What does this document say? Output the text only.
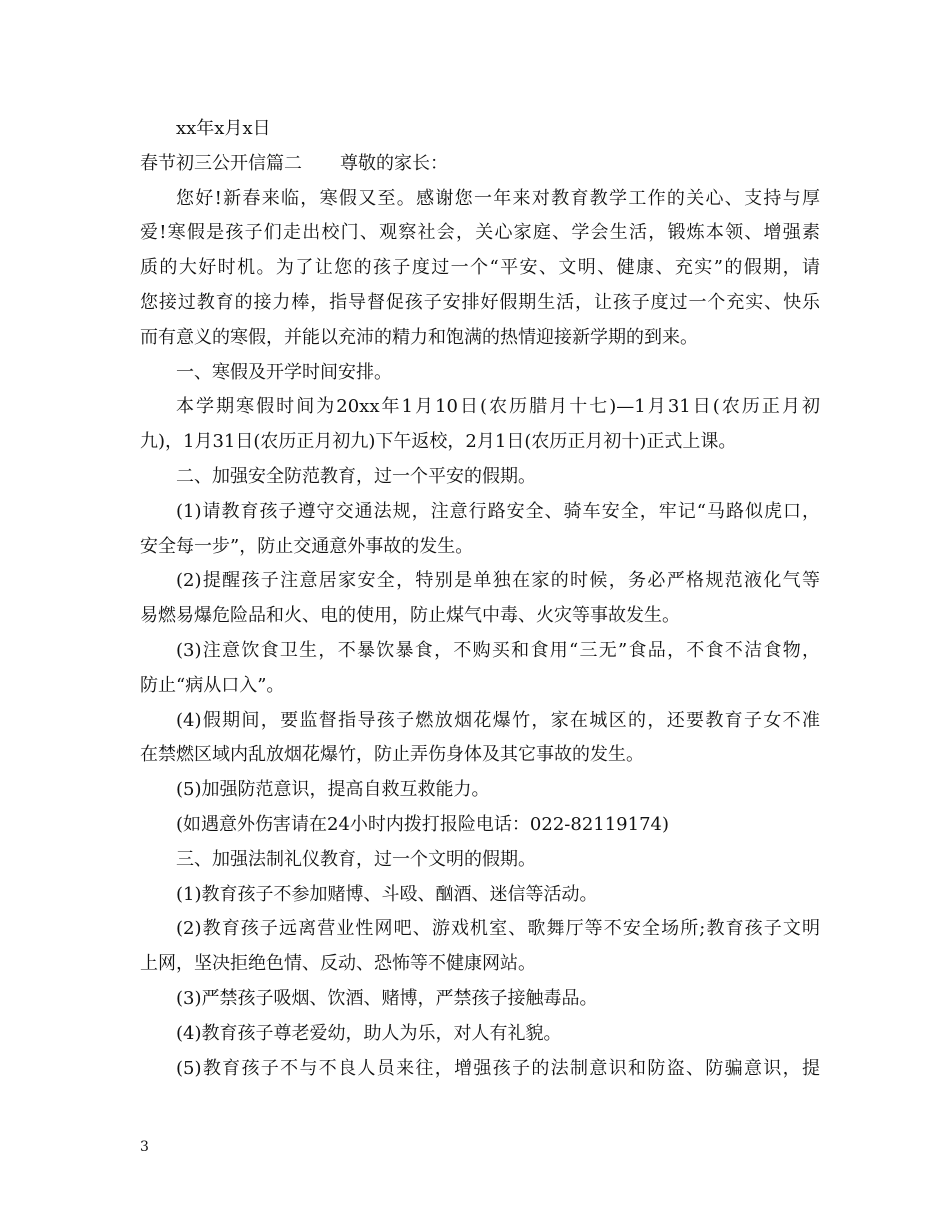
xx年x月x日
春节初三公开信篇二 尊敬的家长：
您好!新春来临，寒假又至。感谢您一年来对教育教学工作的关心、支持与厚
爱!寒假是孩子们走出校门、观察社会，关心家庭、学会生活，锻炼本领、增强素
质的大好时机。为了让您的孩子度过一个“平安、文明、健康、充实”的假期，请
您接过教育的接力棒，指导督促孩子安排好假期生活，让孩子度过一个充实、快乐
而有意义的寒假，并能以充沛的精力和饱满的热情迎接新学期的到来。
一、寒假及开学时间安排。
本学期寒假时间为20xx年1月10日(农历腊月十七)—1月31日(农历正月初
九)，1月31日(农历正月初九)下午返校，2月1日(农历正月初十)正式上课。
二、加强安全防范教育，过一个平安的假期。
(1)请教育孩子遵守交通法规，注意行路安全、骑车安全，牢记“马路似虎口，
安全每一步”，防止交通意外事故的发生。
(2)提醒孩子注意居家安全，特别是单独在家的时候，务必严格规范液化气等
易燃易爆危险品和火、电的使用，防止煤气中毒、火灾等事故发生。
(3)注意饮食卫生，不暴饮暴食，不购买和食用“三无”食品，不食不洁食物，
防止“病从口入”。
(4)假期间，要监督指导孩子燃放烟花爆竹，家在城区的，还要教育子女不准
在禁燃区域内乱放烟花爆竹，防止弄伤身体及其它事故的发生。
(5)加强防范意识，提高自救互救能力。
(如遇意外伤害请在24小时内拨打报险电话：022-82119174)
三、加强法制礼仪教育，过一个文明的假期。
(1)教育孩子不参加赌博、斗殴、酗酒、迷信等活动。
(2)教育孩子远离营业性网吧、游戏机室、歌舞厅等不安全场所;教育孩子文明
上网，坚决拒绝色情、反动、恐怖等不健康网站。
(3)严禁孩子吸烟、饮酒、赌博，严禁孩子接触毒品。
(4)教育孩子尊老爱幼，助人为乐，对人有礼貌。
(5)教育孩子不与不良人员来往，增强孩子的法制意识和防盗、防骗意识，提
3
